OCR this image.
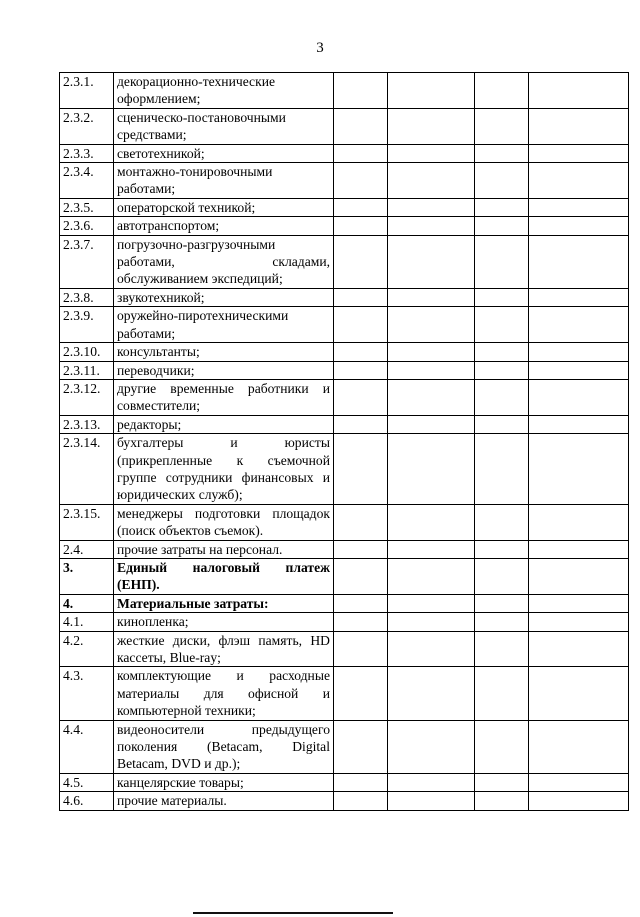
3
2.3.1.	декорационно-технические оформлением;				
2.3.2.	сценическо-постановочными средствами;				
2.3.3.	светотехникой;				
2.3.4.	монтажно-тонировочными работами;				
2.3.5.	операторской техникой;				
2.3.6.	автотранспортом;				
2.3.7.	погрузочно-разгрузочными работами, складами, обслуживанием экспедиций;				
2.3.8.	звукотехникой;				
2.3.9.	оружейно-пиротехническими работами;				
2.3.10.	консультанты;				
2.3.11.	переводчики;				
2.3.12.	другие временные работники и совместители;				
2.3.13.	редакторы;				
2.3.14.	бухгалтеры и юристы (прикрепленные к съемочной группе сотрудники финансовых и юридических служб);				
2.3.15.	менеджеры подготовки площадок (поиск объектов съемок).				
2.4.	прочие затраты на персонал.				
3.	Единый налоговый платеж (ЕНП).				
4.	Материальные затраты:				
4.1.	кинопленка;				
4.2.	жесткие диски, флэш память, HD кассеты, Blue-ray;				
4.3.	комплектующие и расходные материалы для офисной и компьютерной техники;				
4.4.	видеоносители предыдущего поколения (Betacam, Digital Betacam, DVD и др.);				
4.5.	канцелярские товары;				
4.6.	прочие материалы.				
